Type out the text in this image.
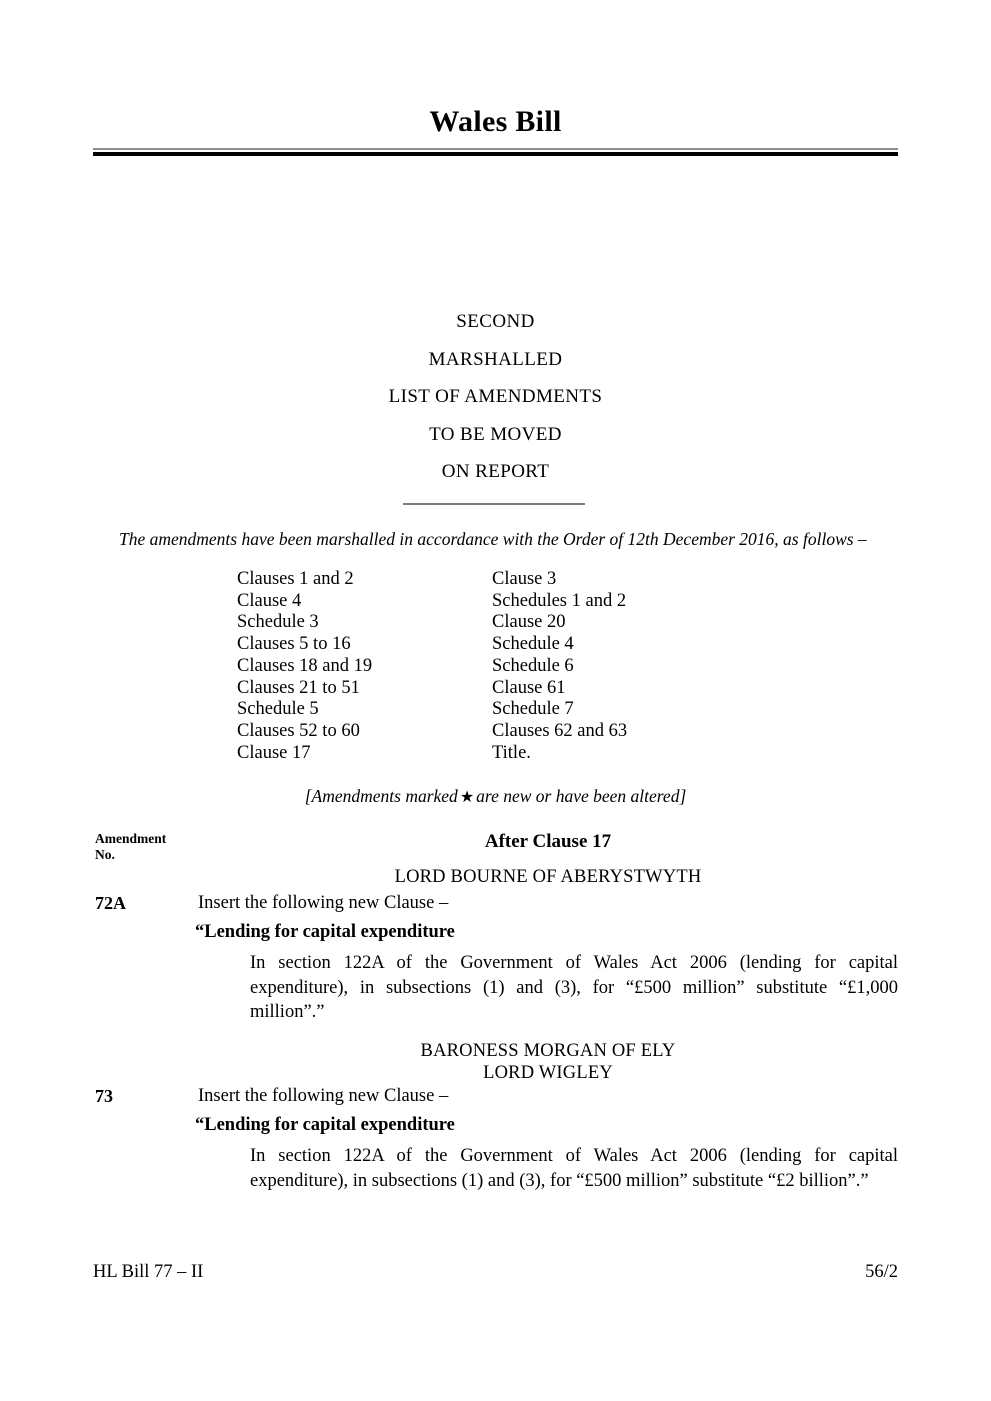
Wales Bill
SECOND
MARSHALLED
LIST OF AMENDMENTS
TO BE MOVED
ON REPORT
The amendments have been marshalled in accordance with the Order of 12th December 2016, as follows –
Clauses 1 and 2	Clause 3
Clause 4	Schedules 1 and 2
Schedule 3	Clause 20
Clauses 5 to 16	Schedule 4
Clauses 18 and 19	Schedule 6
Clauses 21 to 51	Clause 61
Schedule 5	Schedule 7
Clauses 52 to 60	Clauses 62 and 63
Clause 17	Title.
[Amendments marked ★ are new or have been altered]
Amendment
No.
After Clause 17
LORD BOURNE OF ABERYSTWYTH
72A	Insert the following new Clause –
“Lending for capital expenditure
In section 122A of the Government of Wales Act 2006 (lending for capital expenditure), in subsections (1) and (3), for “£500 million” substitute “£1,000 million”.”
BARONESS MORGAN OF ELY
LORD WIGLEY
73	Insert the following new Clause –
“Lending for capital expenditure
In section 122A of the Government of Wales Act 2006 (lending for capital expenditure), in subsections (1) and (3), for “£500 million” substitute “£2 billion”.”
HL Bill 77 – II	56/2
